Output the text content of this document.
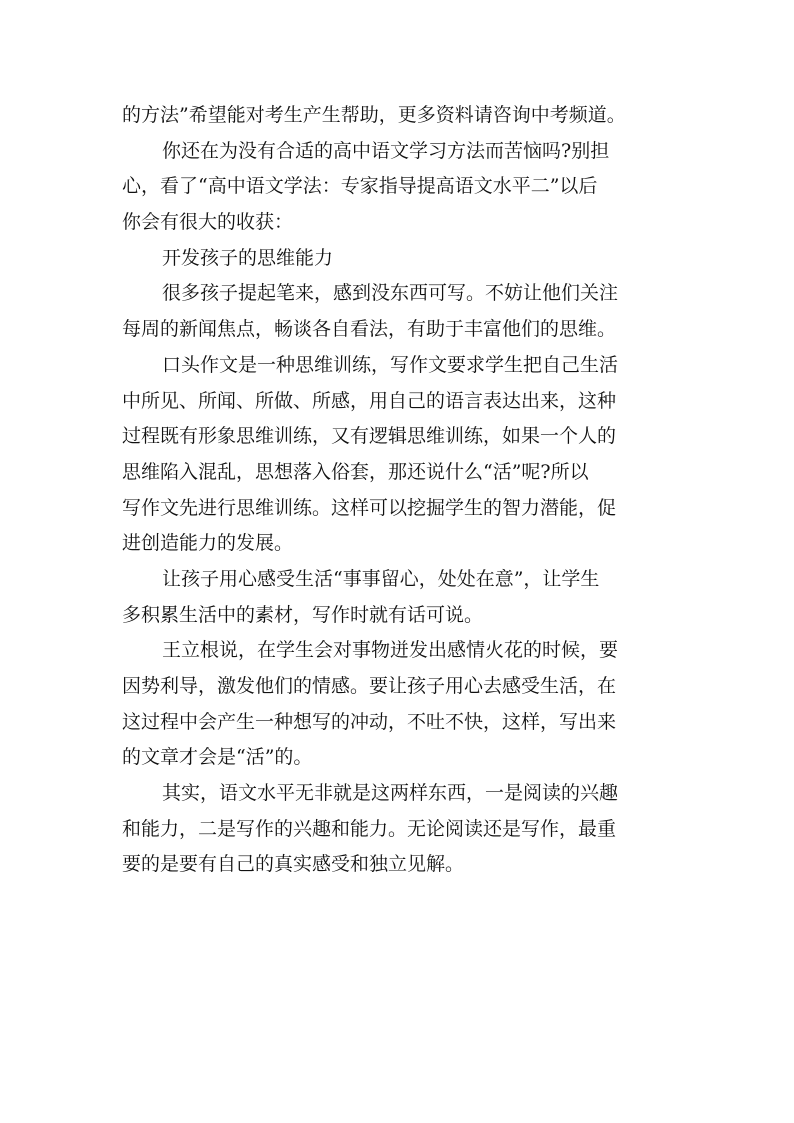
的方法”希望能对考生产生帮助，更多资料请咨询中考频道。
你还在为没有合适的高中语文学习方法而苦恼吗?别担
心，看了“高中语文学法：专家指导提高语文水平二”以后
你会有很大的收获：
开发孩子的思维能力
很多孩子提起笔来，感到没东西可写。不妨让他们关注
每周的新闻焦点，畅谈各自看法，有助于丰富他们的思维。
口头作文是一种思维训练，写作文要求学生把自己生活
中所见、所闻、所做、所感，用自己的语言表达出来，这种
过程既有形象思维训练，又有逻辑思维训练，如果一个人的
思维陷入混乱，思想落入俗套，那还说什么“活”呢?所以
写作文先进行思维训练。这样可以挖掘学生的智力潜能，促
进创造能力的发展。
让孩子用心感受生活“事事留心，处处在意”，让学生
多积累生活中的素材，写作时就有话可说。
王立根说，在学生会对事物迸发出感情火花的时候，要
因势利导，激发他们的情感。要让孩子用心去感受生活，在
这过程中会产生一种想写的冲动，不吐不快，这样，写出来
的文章才会是“活”的。
其实，语文水平无非就是这两样东西，一是阅读的兴趣
和能力，二是写作的兴趣和能力。无论阅读还是写作，最重
要的是要有自己的真实感受和独立见解。
